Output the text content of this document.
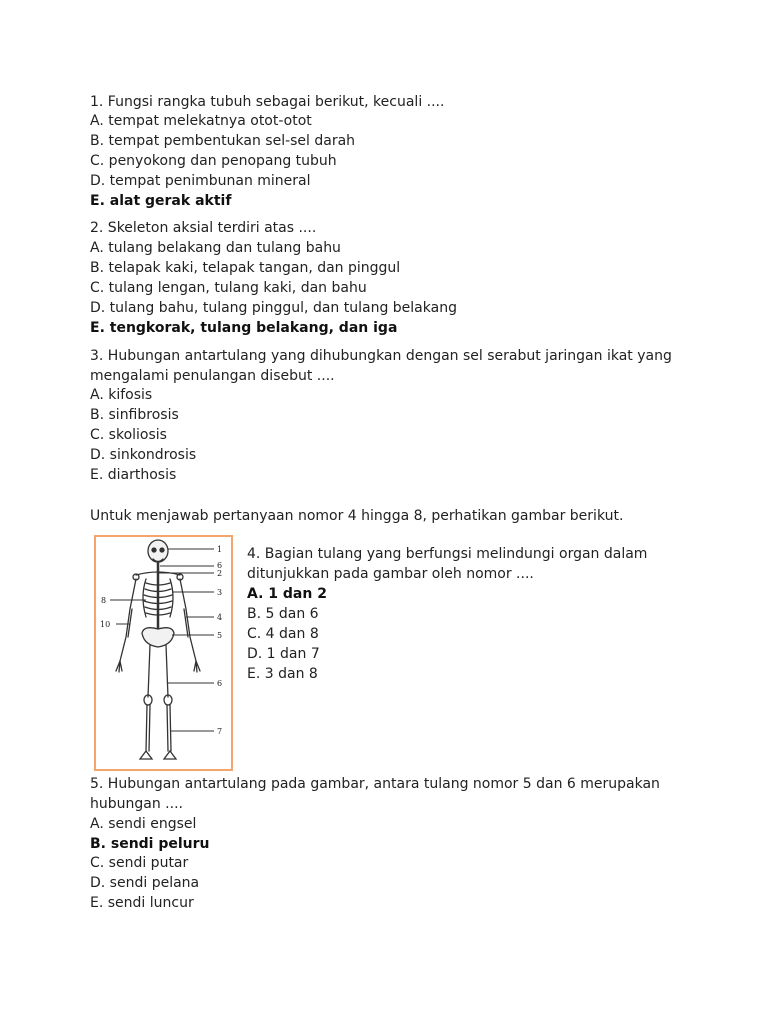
1. Fungsi rangka tubuh sebagai berikut, kecuali ....
A. tempat melekatnya otot-otot
B. tempat pembentukan sel-sel darah
C. penyokong dan penopang tubuh
D. tempat penimbunan mineral
E. alat gerak aktif
2. Skeleton aksial terdiri atas ....
A. tulang belakang dan tulang bahu
B. telapak kaki, telapak tangan, dan pinggul
C. tulang lengan, tulang kaki, dan bahu
D. tulang bahu, tulang pinggul, dan tulang belakang
E. tengkorak, tulang belakang, dan iga
3. Hubungan antartulang yang dihubungkan dengan sel serabut jaringan ikat yang
mengalami penulangan disebut ....
A. kifosis
B. sinfibrosis
C. skoliosis
D. sinkondrosis
E. diarthosis
Untuk menjawab pertanyaan nomor 4 hingga 8, perhatikan gambar berikut.
1
6
2
3
4
5
6
7
8
10
4. Bagian tulang yang berfungsi melindungi organ dalam
ditunjukkan pada gambar oleh nomor ....
A. 1 dan 2
B. 5 dan 6
C. 4 dan 8
D. 1 dan 7
E. 3 dan 8
5. Hubungan antartulang pada gambar, antara tulang nomor 5 dan 6 merupakan
hubungan ....
A. sendi engsel
B. sendi peluru
C. sendi putar
D. sendi pelana
E. sendi luncur
